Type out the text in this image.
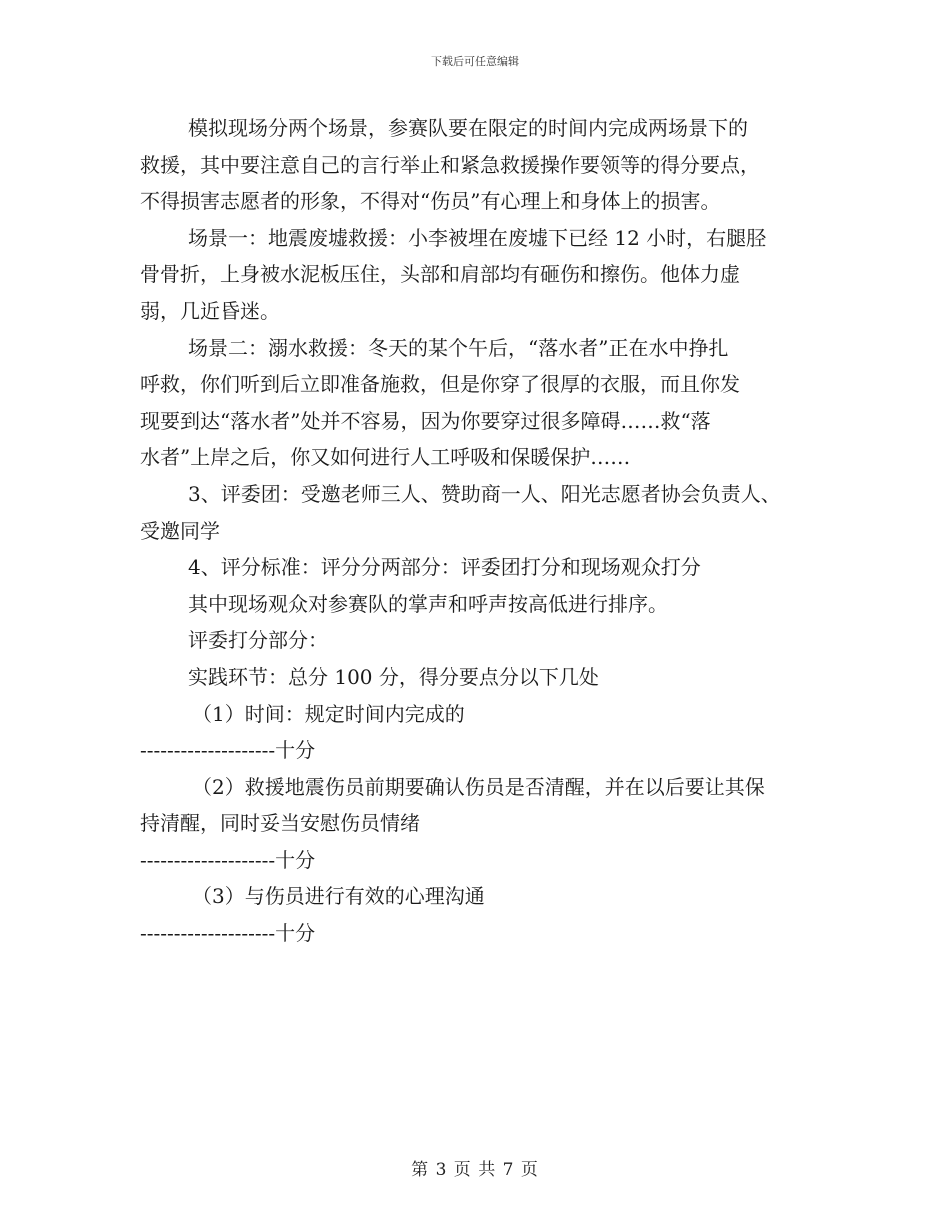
下载后可任意编辑
模拟现场分两个场景，参赛队要在限定的时间内完成两场景下的
救援，其中要注意自己的言行举止和紧急救援操作要领等的得分要点，
不得损害志愿者的形象，不得对“伤员”有心理上和身体上的损害。
场景一：地震废墟救援：小李被埋在废墟下已经 12 小时，右腿胫
骨骨折，上身被水泥板压住，头部和肩部均有砸伤和擦伤。他体力虚
弱，几近昏迷。
场景二：溺水救援：冬天的某个午后，“落水者”正在水中挣扎
呼救，你们听到后立即准备施救，但是你穿了很厚的衣服，而且你发
现要到达“落水者”处并不容易，因为你要穿过很多障碍……救“落
水者”上岸之后，你又如何进行人工呼吸和保暖保护……
3、评委团：受邀老师三人、赞助商一人、阳光志愿者协会负责人、
受邀同学
4、评分标准：评分分两部分：评委团打分和现场观众打分
其中现场观众对参赛队的掌声和呼声按高低进行排序。
评委打分部分：
实践环节：总分 100 分，得分要点分以下几处
（1）时间：规定时间内完成的
--------------------十分
（2）救援地震伤员前期要确认伤员是否清醒，并在以后要让其保
持清醒，同时妥当安慰伤员情绪
--------------------十分
（3）与伤员进行有效的心理沟通
--------------------十分
第 3 页 共 7 页
